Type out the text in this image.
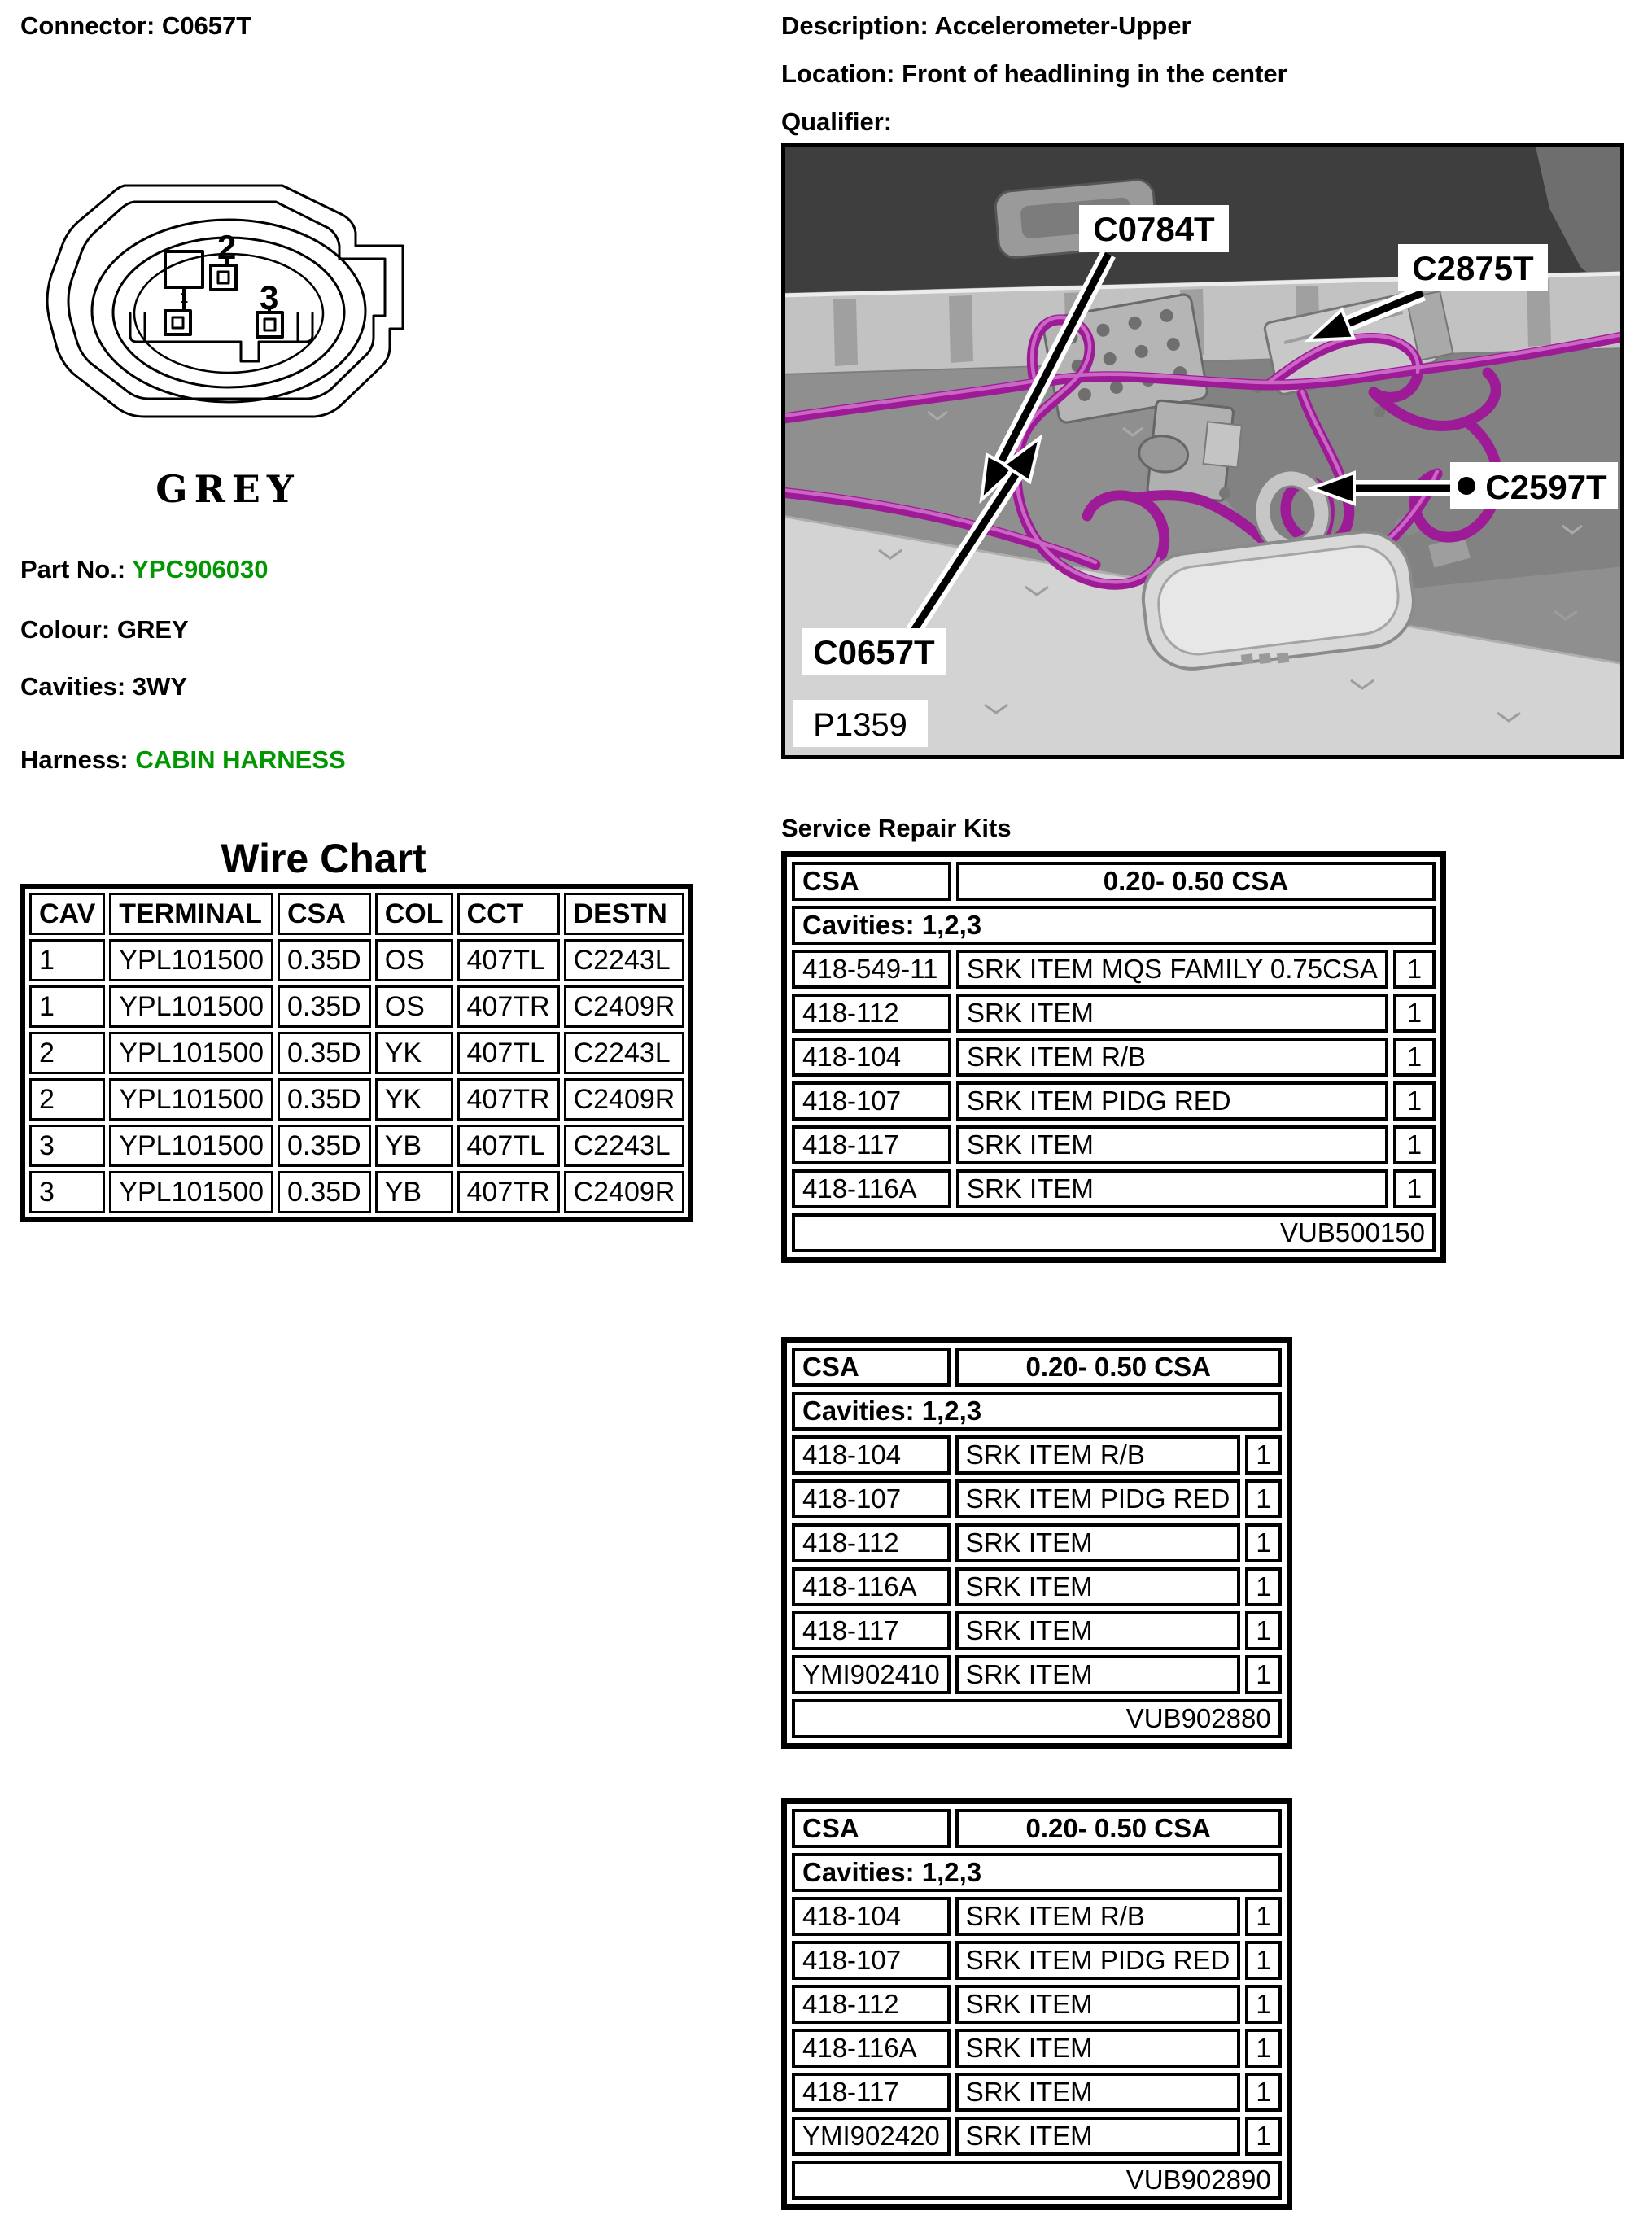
Connector: C0657T	Description: Accelerometer-Upper
Location: Front of headlining in the center
Qualifier:
1
2
3
GREY
Part No.: YPC906030
Colour: GREY
Cavities: 3WY
Harness: CABIN HARNESS
C0784T
C2875T
C2597T
C0657T
P1359
Wire Chart
CAV	TERMINAL	CSA	COL	CCT	DESTN
1	YPL101500	0.35D	OS	407TL	C2243L
1	YPL101500	0.35D	OS	407TR	C2409R
2	YPL101500	0.35D	YK	407TL	C2243L
2	YPL101500	0.35D	YK	407TR	C2409R
3	YPL101500	0.35D	YB	407TL	C2243L
3	YPL101500	0.35D	YB	407TR	C2409R
Service Repair Kits
CSA	0.20- 0.50 CSA	
Cavities: 1,2,3		
418-549-11	SRK ITEM MQS FAMILY 0.75CSA	1
418-112	SRK ITEM	1
418-104	SRK ITEM R/B	1
418-107	SRK ITEM PIDG RED	1
418-117	SRK ITEM	1
418-116A	SRK ITEM	1
VUB500150		
CSA	0.20- 0.50 CSA	
Cavities: 1,2,3		
418-104	SRK ITEM R/B	1
418-107	SRK ITEM PIDG RED	1
418-112	SRK ITEM	1
418-116A	SRK ITEM	1
418-117	SRK ITEM	1
YMI902410	SRK ITEM	1
VUB902880		
CSA	0.20- 0.50 CSA	
Cavities: 1,2,3		
418-104	SRK ITEM R/B	1
418-107	SRK ITEM PIDG RED	1
418-112	SRK ITEM	1
418-116A	SRK ITEM	1
418-117	SRK ITEM	1
YMI902420	SRK ITEM	1
VUB902890		
